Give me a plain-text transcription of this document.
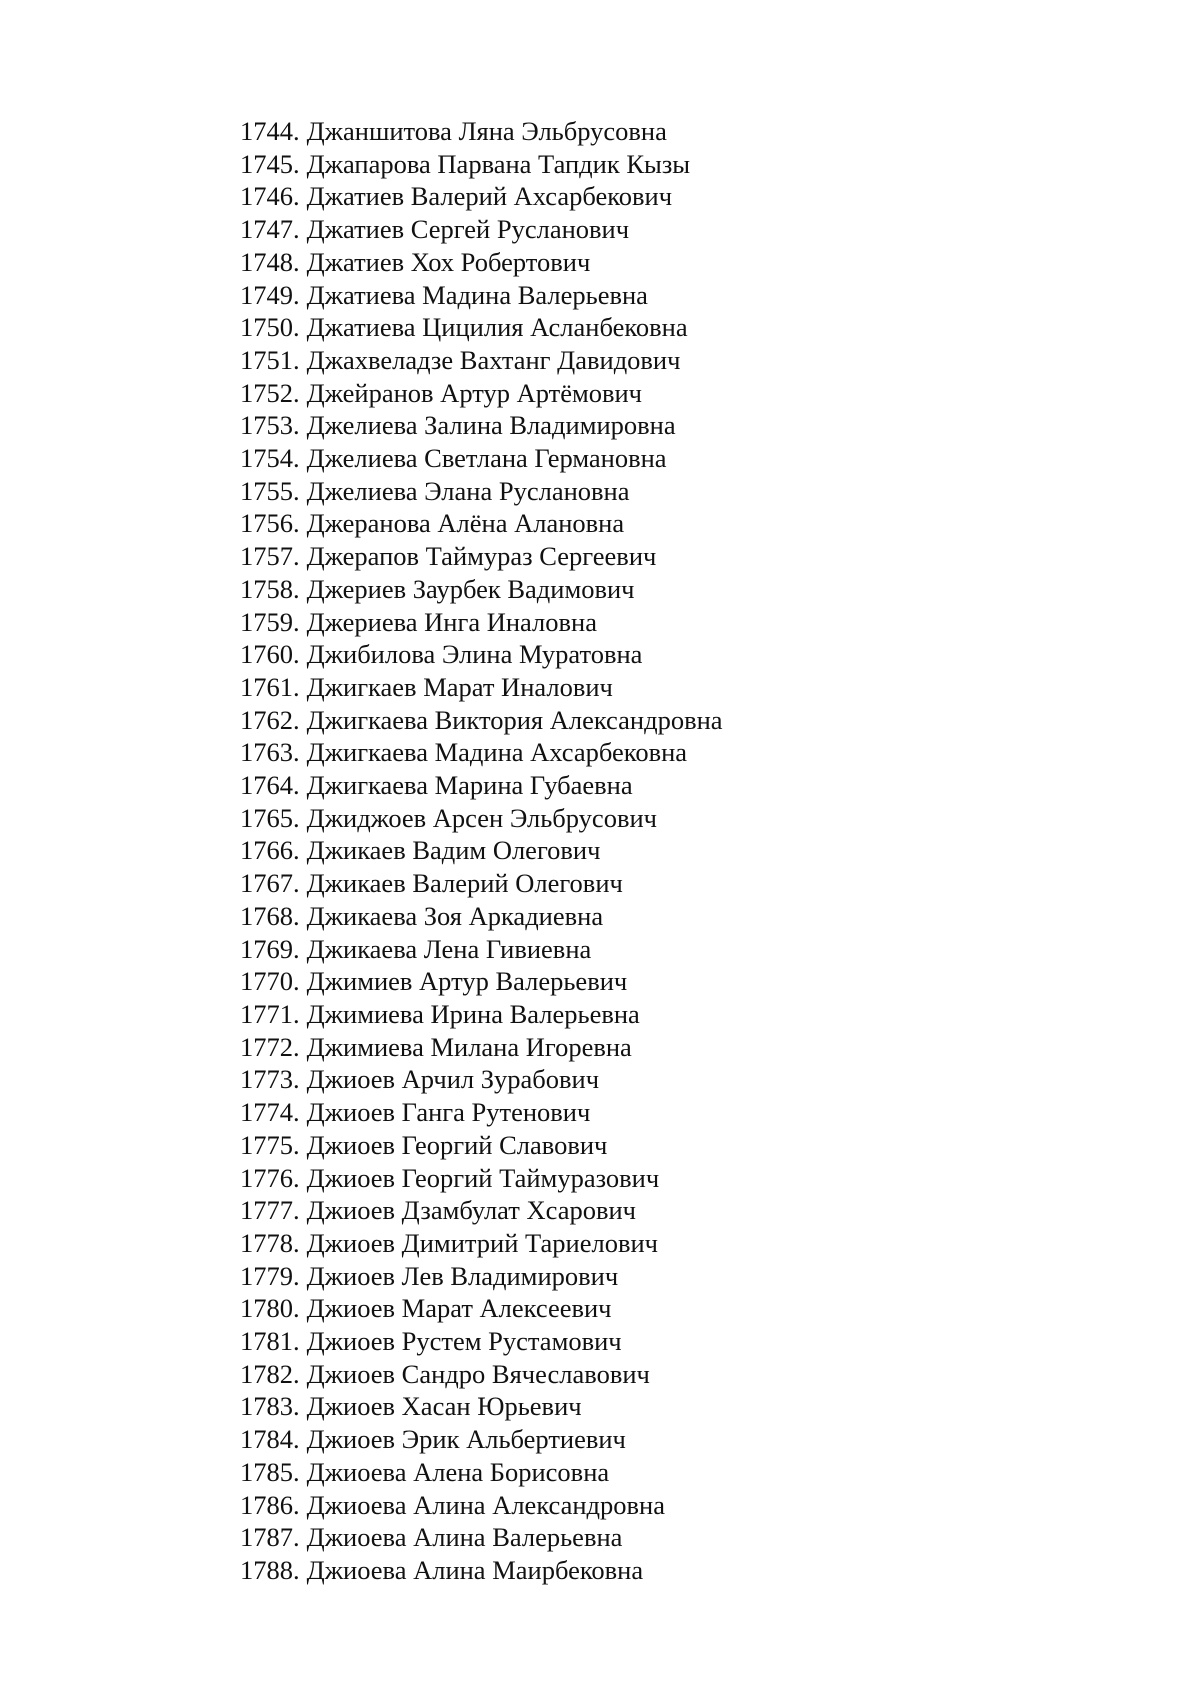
1744. Джаншитова Ляна Эльбрусовна
1745. Джапарова Парвана Тапдик Кызы
1746. Джатиев Валерий Ахсарбекович
1747. Джатиев Сергей Русланович
1748. Джатиев Хох Робертович
1749. Джатиева Мадина Валерьевна
1750. Джатиева Цицилия Асланбековна
1751. Джахвеладзе Вахтанг Давидович
1752. Джейранов Артур Артёмович
1753. Джелиева Залина Владимировна
1754. Джелиева Светлана Германовна
1755. Джелиева Элана Руслановна
1756. Джеранова Алёна Алановна
1757. Джерапов Таймураз Сергеевич
1758. Джериев Заурбек Вадимович
1759. Джериева Инга Иналовна
1760. Джибилова Элина Муратовна
1761. Джигкаев Марат Иналович
1762. Джигкаева Виктория Александровна
1763. Джигкаева Мадина Ахсарбековна
1764. Джигкаева Марина Губаевна
1765. Джиджоев Арсен Эльбрусович
1766. Джикаев Вадим Олегович
1767. Джикаев Валерий Олегович
1768. Джикаева Зоя Аркадиевна
1769. Джикаева Лена Гивиевна
1770. Джимиев Артур Валерьевич
1771. Джимиева Ирина Валерьевна
1772. Джимиева Милана Игоревна
1773. Джиоев Арчил Зурабович
1774. Джиоев Ганга Рутенович
1775. Джиоев Георгий Славович
1776. Джиоев Георгий Таймуразович
1777. Джиоев Дзамбулат Хсарович
1778. Джиоев Димитрий Тариелович
1779. Джиоев Лев Владимирович
1780. Джиоев Марат Алексеевич
1781. Джиоев Рустем Рустамович
1782. Джиоев Сандро Вячеславович
1783. Джиоев Хасан Юрьевич
1784. Джиоев Эрик Альбертиевич
1785. Джиоева Алена Борисовна
1786. Джиоева Алина Александровна
1787. Джиоева Алина Валерьевна
1788. Джиоева Алина Маирбековна
